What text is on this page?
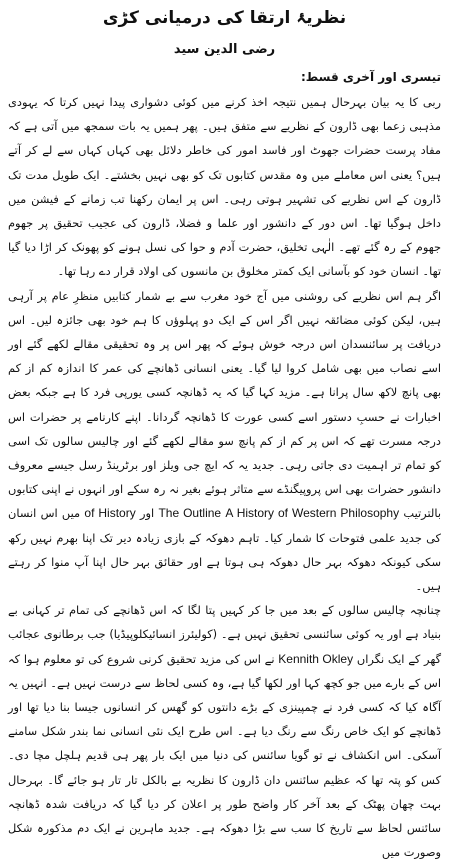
نظریۂ ارتقا کی درمیانی کڑی
رضی الدین سید
تیسری اور آخری قسط:

ربی کا یہ بیان بہرحال ہمیں نتیجہ اخذ کرنے میں کوئی دشواری پیدا نہیں کرتا کہ یہودی مذہبی زعما بھی ڈارون کے نظریے سے متفق ہیں۔ پھر ہمیں یہ بات سمجھ میں آتی ہے کہ مفاد پرست حضرات جھوٹ اور فاسد امور کی خاطر دلائل بھی کہاں کہاں سے لے کر آتے ہیں؟ یعنی اس معاملے میں وہ مقدس کتابوں تک کو بھی نہیں بخشتے۔ ایک طویل مدت تک ڈارون کے اس نظریے کی تشہیر ہوتی رہی۔ اس پر ایمان رکھنا تب زمانے کے فیشن میں داخل ہوگیا تھا۔ اس دور کے دانشور اور علما و فضلا، ڈارون کی عجیب تحقیق پر جھوم جھوم کے رہ گئے تھے۔ الٰہی تخلیق، حضرت آدم و حوا کی نسل ہونے کو پھونک کر اڑا دیا گیا تھا۔ انسان خود کو بآسانی ایک کمتر مخلوق بن مانسوں کی اولاد قرار دے رہا تھا۔

اگر ہم اس نظریے کی روشنی میں آج خود مغرب سے بے شمار کتابیں منظرِ عام پر آرہی ہیں، لیکن کوئی مضائقہ نہیں اگر اس کے ایک دو پہلوؤں کا ہم خود بھی جائزہ لیں۔ اس دریافت پر سائنسدان اس درجہ خوش ہوئے کہ پھر اس پر وہ تحقیقی مقالے لکھے گئے اور اسے نصاب میں بھی شامل کروا لیا گیا۔ یعنی انسانی ڈھانچے کی عمر کا اندازہ کم از کم بھی پانچ لاکھ سال پرانا ہے۔ مزید کہا گیا کہ یہ ڈھانچہ کسی یورپی فرد کا ہے جبکہ بعض اخبارات نے حسبِ دستور اسے کسی عورت کا ڈھانچہ گردانا۔ اپنے کارنامے پر حضرات اس درجہ مسرت تھے کہ اس پر کم از کم پانچ سو مقالے لکھے گئے اور چالیس سالوں تک اسی کو تمام تر اہمیت دی جاتی رہی۔ جدید یہ کہ ایچ جی ویلز اور برٹرینڈ رسل جیسے معروف دانشور حضرات بھی اس پروپیگنڈے سے متاثر ہوئے بغیر نہ رہ سکے اور انہوں نے اپنی کتابوں بالترتیب The Outline A History of Western Philosophy اور of History میں اس انسان کی جدید علمی فتوحات کا شمار کیا۔ تاہم دھوکہ کے بازی زیادہ دیر تک اپنا بھرم نہیں رکھ سکی کیونکہ دھوکہ بہر حال دھوکہ ہی ہوتا ہے اور حقائق بہر حال اپنا آپ منوا کر رہتے ہیں۔

چنانچہ چالیس سالوں کے بعد میں جا کر کہیں پتا لگا کہ اس ڈھانچے کی تمام تر کہانی بے بنیاد ہے اور یہ کوئی سائنسی تحقیق نہیں ہے۔ (کولیئرز انسائیکلوپیڈیا) جب برطانوی عجائب گھر کے ایک نگراں Kennith Okley نے اس کی مزید تحقیق کرنی شروع کی تو معلوم ہوا کہ اس کے بارے میں جو کچھ کہا اور لکھا گیا ہے، وہ کسی لحاظ سے درست نہیں ہے۔ انہیں یہ آگاہ کیا کہ کسی فرد نے چمپینزی کے بڑے دانتوں کو گھس کر انسانوں جیسا بنا دیا تھا اور ڈھانچے کو ایک خاص رنگ سے رنگ دیا ہے۔ اس طرح ایک نئی انسانی نما بندر شکل سامنے آسکی۔ اس انکشاف نے تو گویا سائنس کی دنیا میں ایک بار پھر ہی قدیم ہلچل مچا دی۔ کس کو پتہ تھا کہ عظیم سائنس دان ڈارون کا نظریہ بے بالکل تار تار ہو جائے گا۔ بہرحال بہت چھان پھٹک کے بعد آخر کار واضح طور پر اعلان کر دیا گیا کہ دریافت شدہ ڈھانچہ سائنس لحاظ سے تاریخ کا سب سے بڑا دھوکہ ہے۔ جدید ماہرین نے ایک دم مذکورہ شکل وصورت میں
